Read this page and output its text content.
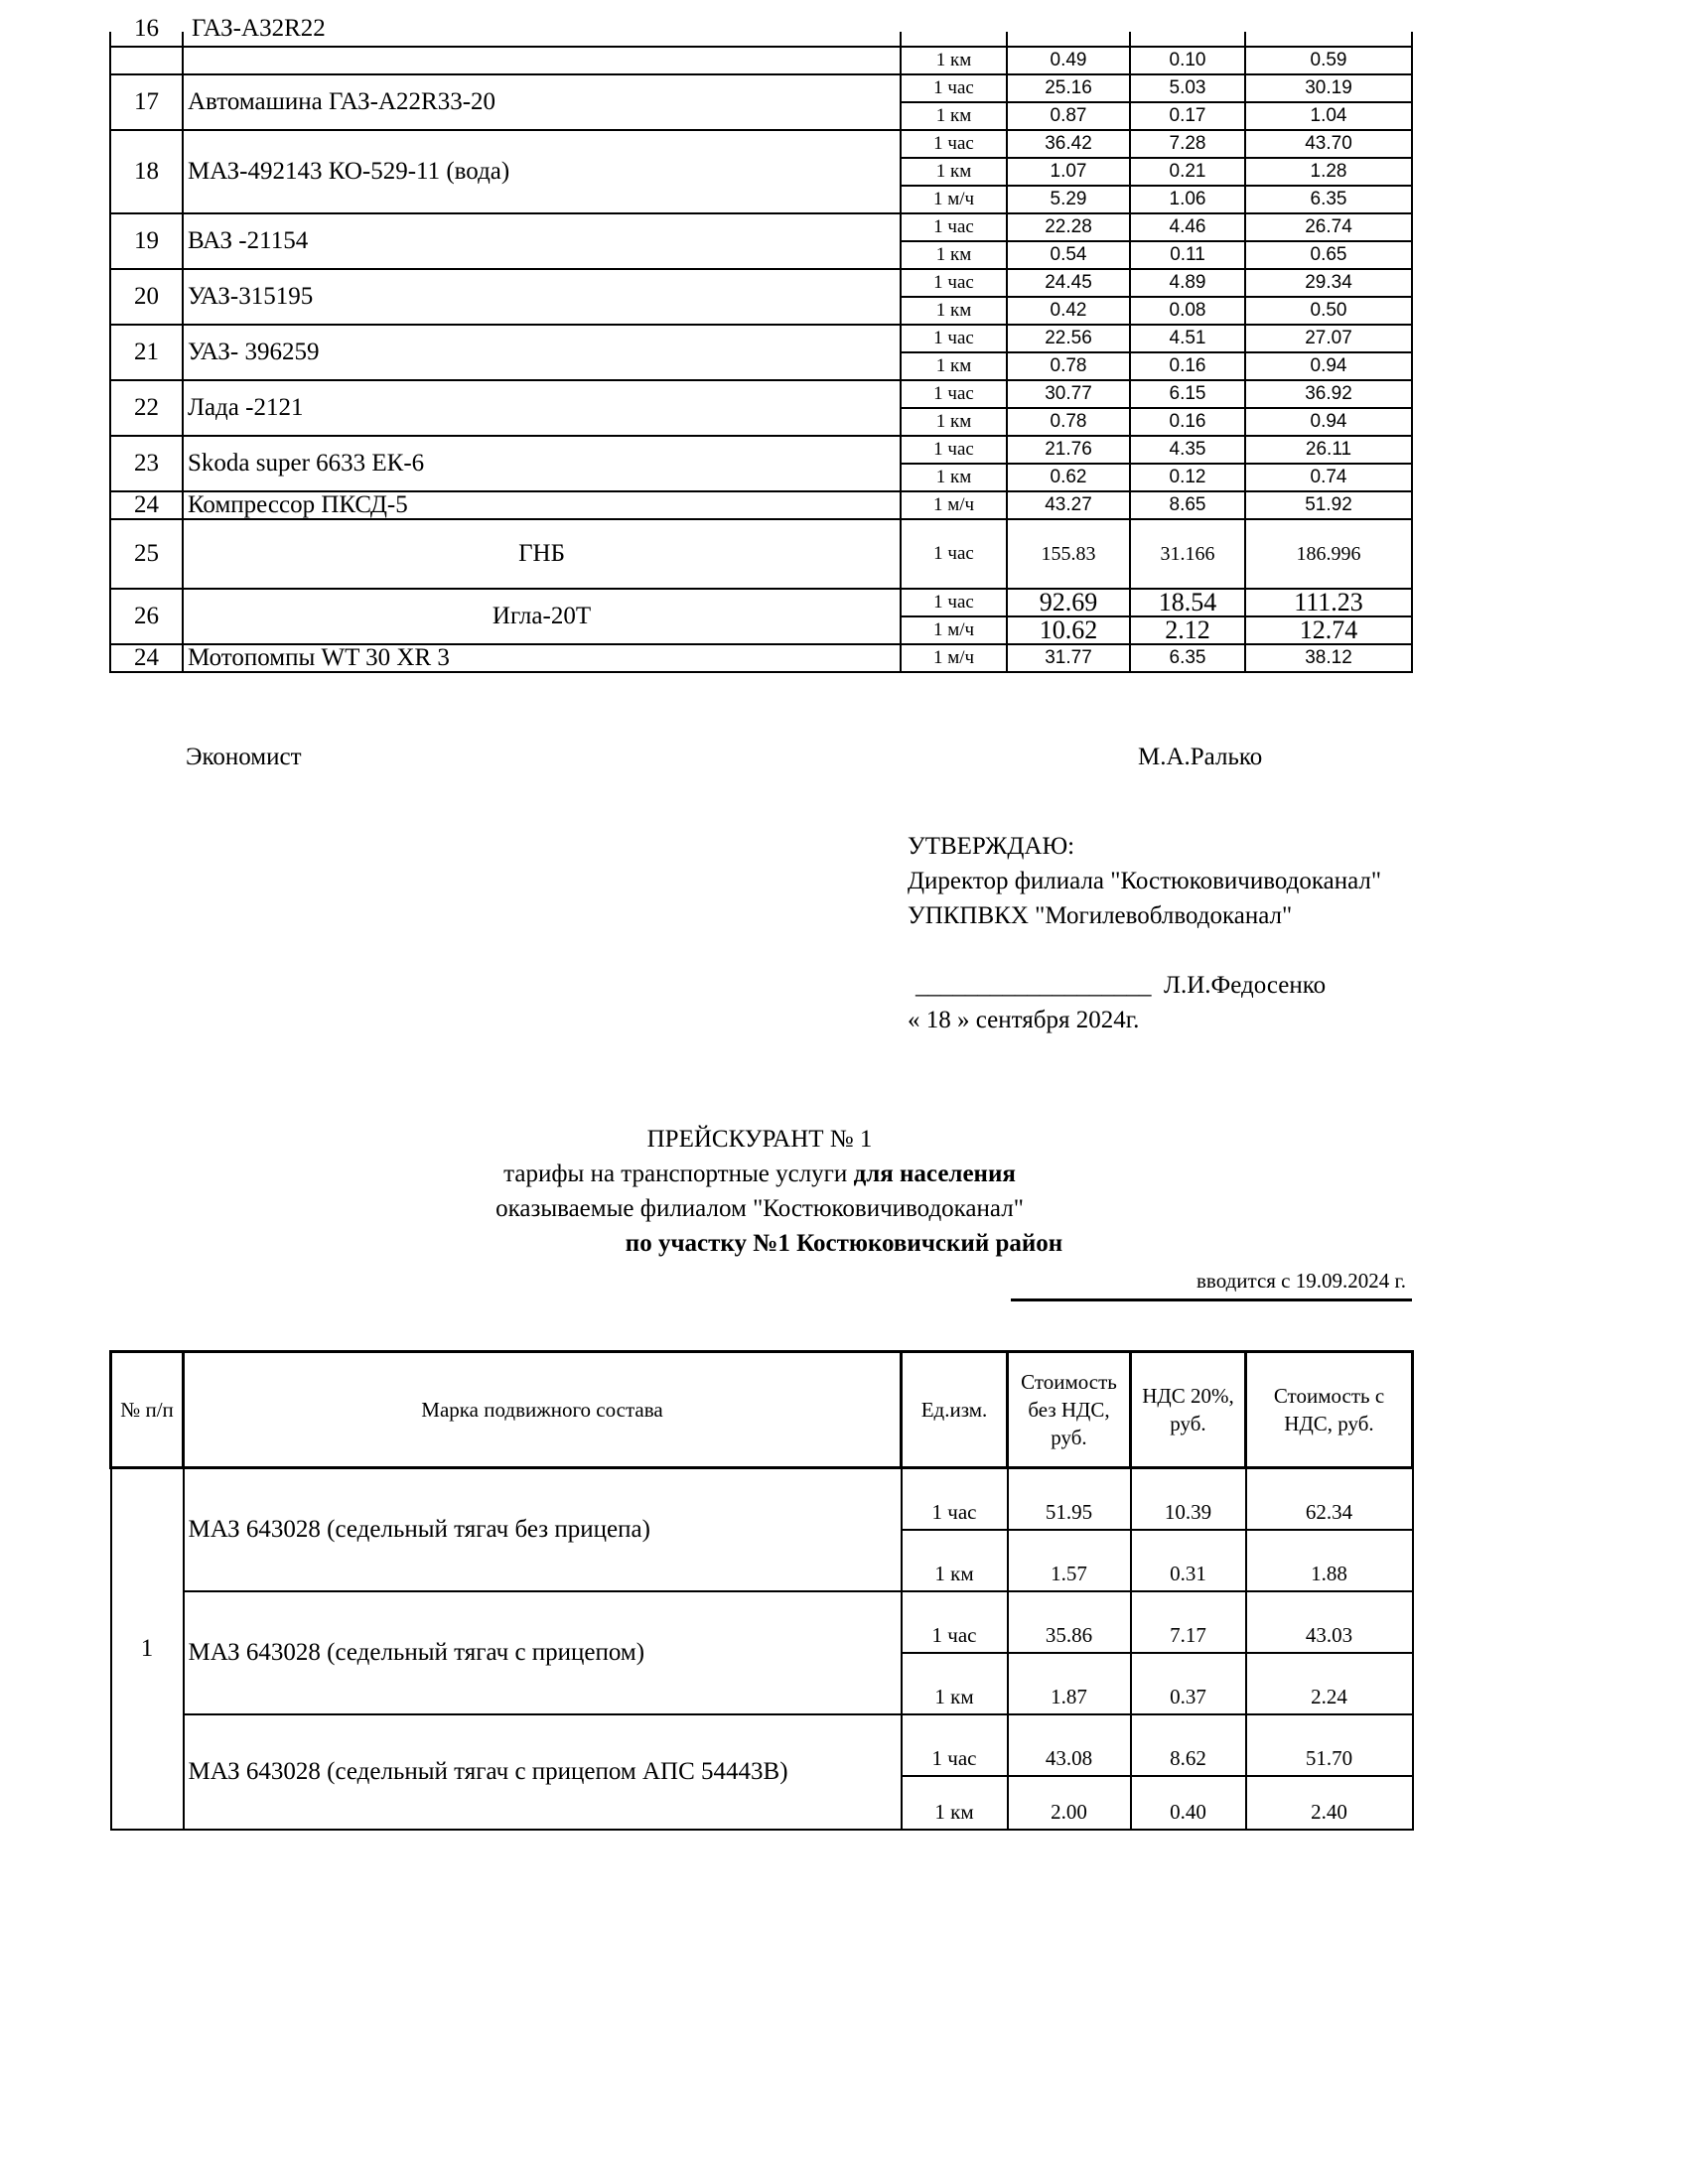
16	ГАЗ-А32R22				

		1 км	0.49	0.10	0.59
17	Автомашина ГАЗ-А22R33-20	1 час	25.16	5.03	30.19
		1 км	0.87	0.17	1.04
18	МАЗ-492143 КО-529-11 (вода)	1 час	36.42	7.28	43.70
		1 км	1.07	0.21	1.28
		1 м/ч	5.29	1.06	6.35
19	ВАЗ -21154	1 час	22.28	4.46	26.74
		1 км	0.54	0.11	0.65
20	УАЗ-315195	1 час	24.45	4.89	29.34
		1 км	0.42	0.08	0.50
21	УАЗ- 396259	1 час	22.56	4.51	27.07
		1 км	0.78	0.16	0.94
22	Лада -2121	1 час	30.77	6.15	36.92
		1 км	0.78	0.16	0.94
23	Skoda super 6633 ЕК-6	1 час	21.76	4.35	26.11
		1 км	0.62	0.12	0.74
24	Компрессор ПКСД-5	1 м/ч	43.27	8.65	51.92
25	ГНБ	1 час	155.83	31.166	186.996
26	Игла-20Т	1 час	92.69	18.54	111.23
		1 м/ч	10.62	2.12	12.74
24	Мотопомпы WT 30 XR 3	1 м/ч	31.77	6.35	38.12
Экономист	М.А.Ралько
УТВЕРЖДАЮ:
Директор филиала "Костюковичиводоканал"
УПКПВКХ "Могилевоблводоканал"
___________________ Л.И.Федосенко
« 18 » сентября 2024г.
ПРЕЙСКУРАНТ № 1
тарифы на транспортные услуги для населения
оказываемые филиалом "Костюковичиводоканал"
по участку №1 Костюковичский район
вводится с 19.09.2024 г.
№ п/п	Марка подвижного состава	Ед.изм.	Стоимость без НДС, руб.	НДС 20%, руб.	Стоимость с НДС, руб.
1	МАЗ 643028 (седельный тягач без прицепа)	1 час	51.95	10.39	62.34
		1 км	1.57	0.31	1.88
	МАЗ 643028 (седельный тягач с прицепом)	1 час	35.86	7.17	43.03
		1 км	1.87	0.37	2.24
	МАЗ 643028 (седельный тягач с прицепом АПС 54443В)	1 час	43.08	8.62	51.70
		1 км	2.00	0.40	2.40
